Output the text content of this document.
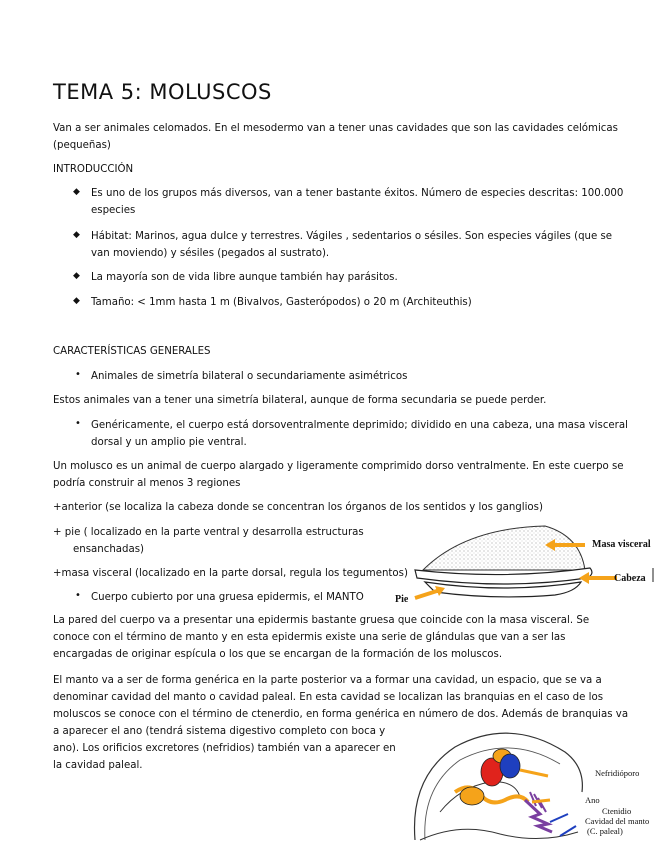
TEMA 5: MOLUSCOS
Van a ser animales celomados. En el mesodermo van a tener unas cavidades que son las cavidades celómicas
(pequeñas)
INTRODUCCIÓN
◆ Es uno de los grupos más diversos, van a tener bastante éxitos. Número de especies descritas: 100.000
especies
◆ Hábitat: Marinos, agua dulce y terrestres. Vágiles , sedentarios o sésiles. Son especies vágiles (que se
van moviendo) y sésiles (pegados al sustrato).
◆ La mayoría son de vida libre aunque también hay parásitos.
◆ Tamaño: < 1mm hasta 1 m (Bivalvos, Gasterópodos) o 20 m (Architeuthis)
CARACTERÍSTICAS GENERALES
• Animales de simetría bilateral o secundariamente asimétricos
Estos animales van a tener una simetría bilateral, aunque de forma secundaria se puede perder.
• Genéricamente, el cuerpo está dorsoventralmente deprimido; dividido en una cabeza, una masa visceral
dorsal y un amplio pie ventral.
Un molusco es un animal de cuerpo alargado y ligeramente comprimido dorso ventralmente. En este cuerpo se
podría construir al menos 3 regiones
+anterior (se localiza la cabeza donde se concentran los órganos de los sentidos y los ganglios)
+ pie ( localizado en la parte ventral y desarrolla estructuras
ensanchadas)
+masa visceral (localizado en la parte dorsal, regula los tegumentos)
• Cuerpo cubierto por una gruesa epidermis, el MANTO
La pared del cuerpo va a presentar una epidermis bastante gruesa que coincide con la masa visceral. Se
conoce con el término de manto y en esta epidermis existe una serie de glándulas que van a ser las
encargadas de originar espícula o los que se encargan de la formación de los moluscos.
El manto va a ser de forma genérica en la parte posterior va a formar una cavidad, un espacio, que se va a
denominar cavidad del manto o cavidad paleal. En esta cavidad se localizan las branquias en el caso de los
moluscos se conoce con el término de ctenerdio, en forma genérica en número de dos. Además de branquias va
a aparecer el ano (tendrá sistema digestivo completo con boca y
ano). Los orificios excretores (nefridios) también van a aparecer en
la cavidad paleal.
Masa visceral
Cabeza
Pie
Nefridióporo
Ano
Ctenidio
Cavidad del manto
(C. paleal)
